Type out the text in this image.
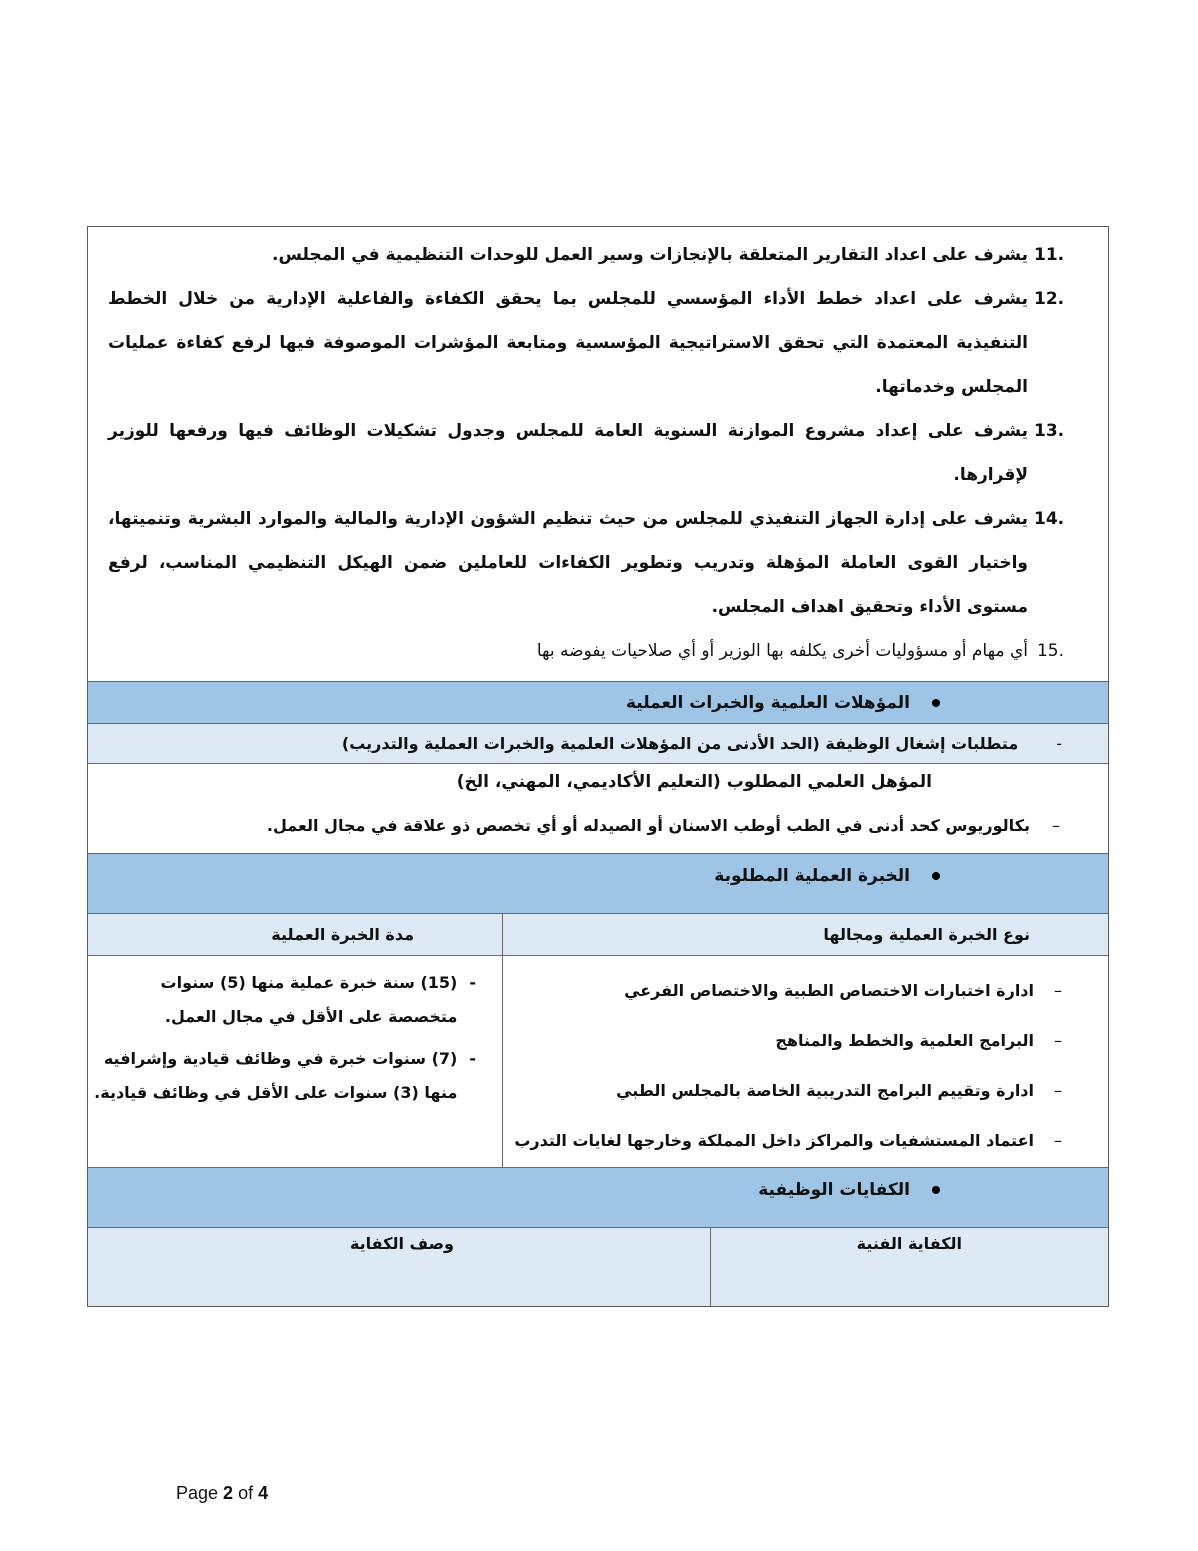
11.
يشرف على اعداد التقارير المتعلقة بالإنجازات وسير العمل للوحدات التنظيمية في المجلس.
12.
يشرف على اعداد خطط الأداء المؤسسي للمجلس بما يحقق الكفاءة والفاعلية الإدارية من خلال الخطط التنفيذية المعتمدة التي تحقق الاستراتيجية المؤسسية ومتابعة المؤشرات الموصوفة فيها لرفع كفاءة عمليات المجلس وخدماتها.
13.
يشرف على إعداد مشروع الموازنة السنوية العامة للمجلس وجدول تشكيلات الوظائف فيها ورفعها للوزير لإقرارها.
14.
يشرف على إدارة الجهاز التنفيذي للمجلس من حيث تنظيم الشؤون الإدارية والمالية والموارد البشرية وتنميتها، واختيار القوى العاملة المؤهلة وتدريب وتطوير الكفاءات للعاملين ضمن الهيكل التنظيمي المناسب، لرفع مستوى الأداء وتحقيق اهداف المجلس.
15.
أي مهام أو مسؤوليات أخرى يكلفه بها الوزير أو أي صلاحيات يفوضه بها
المؤهلات العلمية والخبرات العملية
-
متطلبات إشغال الوظيفة (الحد الأدنى من المؤهلات العلمية والخبرات العملية والتدريب)
المؤهل العلمي المطلوب (التعليم الأكاديمي، المهني، الخ)
–
بكالوريوس كحد أدنى في الطب أوطب الاسنان أو الصيدله أو أي تخصص ذو علاقة في مجال العمل.
الخبرة العملية المطلوبة
نوع الخبرة العملية ومجالها
مدة الخبرة العملية
–
ادارة اختبارات الاختصاص الطبية والاختصاص الفرعي
–
البرامج العلمية والخطط والمناهج
–
ادارة وتقييم البرامج التدريبية الخاصة بالمجلس الطبي
–
اعتماد المستشفيات والمراكز داخل المملكة وخارجها لغايات التدرب
-
(15) سنة خبرة عملية منها (5) سنوات متخصصة على الأقل في مجال العمل.
-
(7) سنوات خبرة في وظائف قيادية وإشرافيه منها (3) سنوات على الأقل في وظائف قيادية.
الكفايات الوظيفية
الكفاية الفنية
وصف الكفاية
Page 2 of 4
